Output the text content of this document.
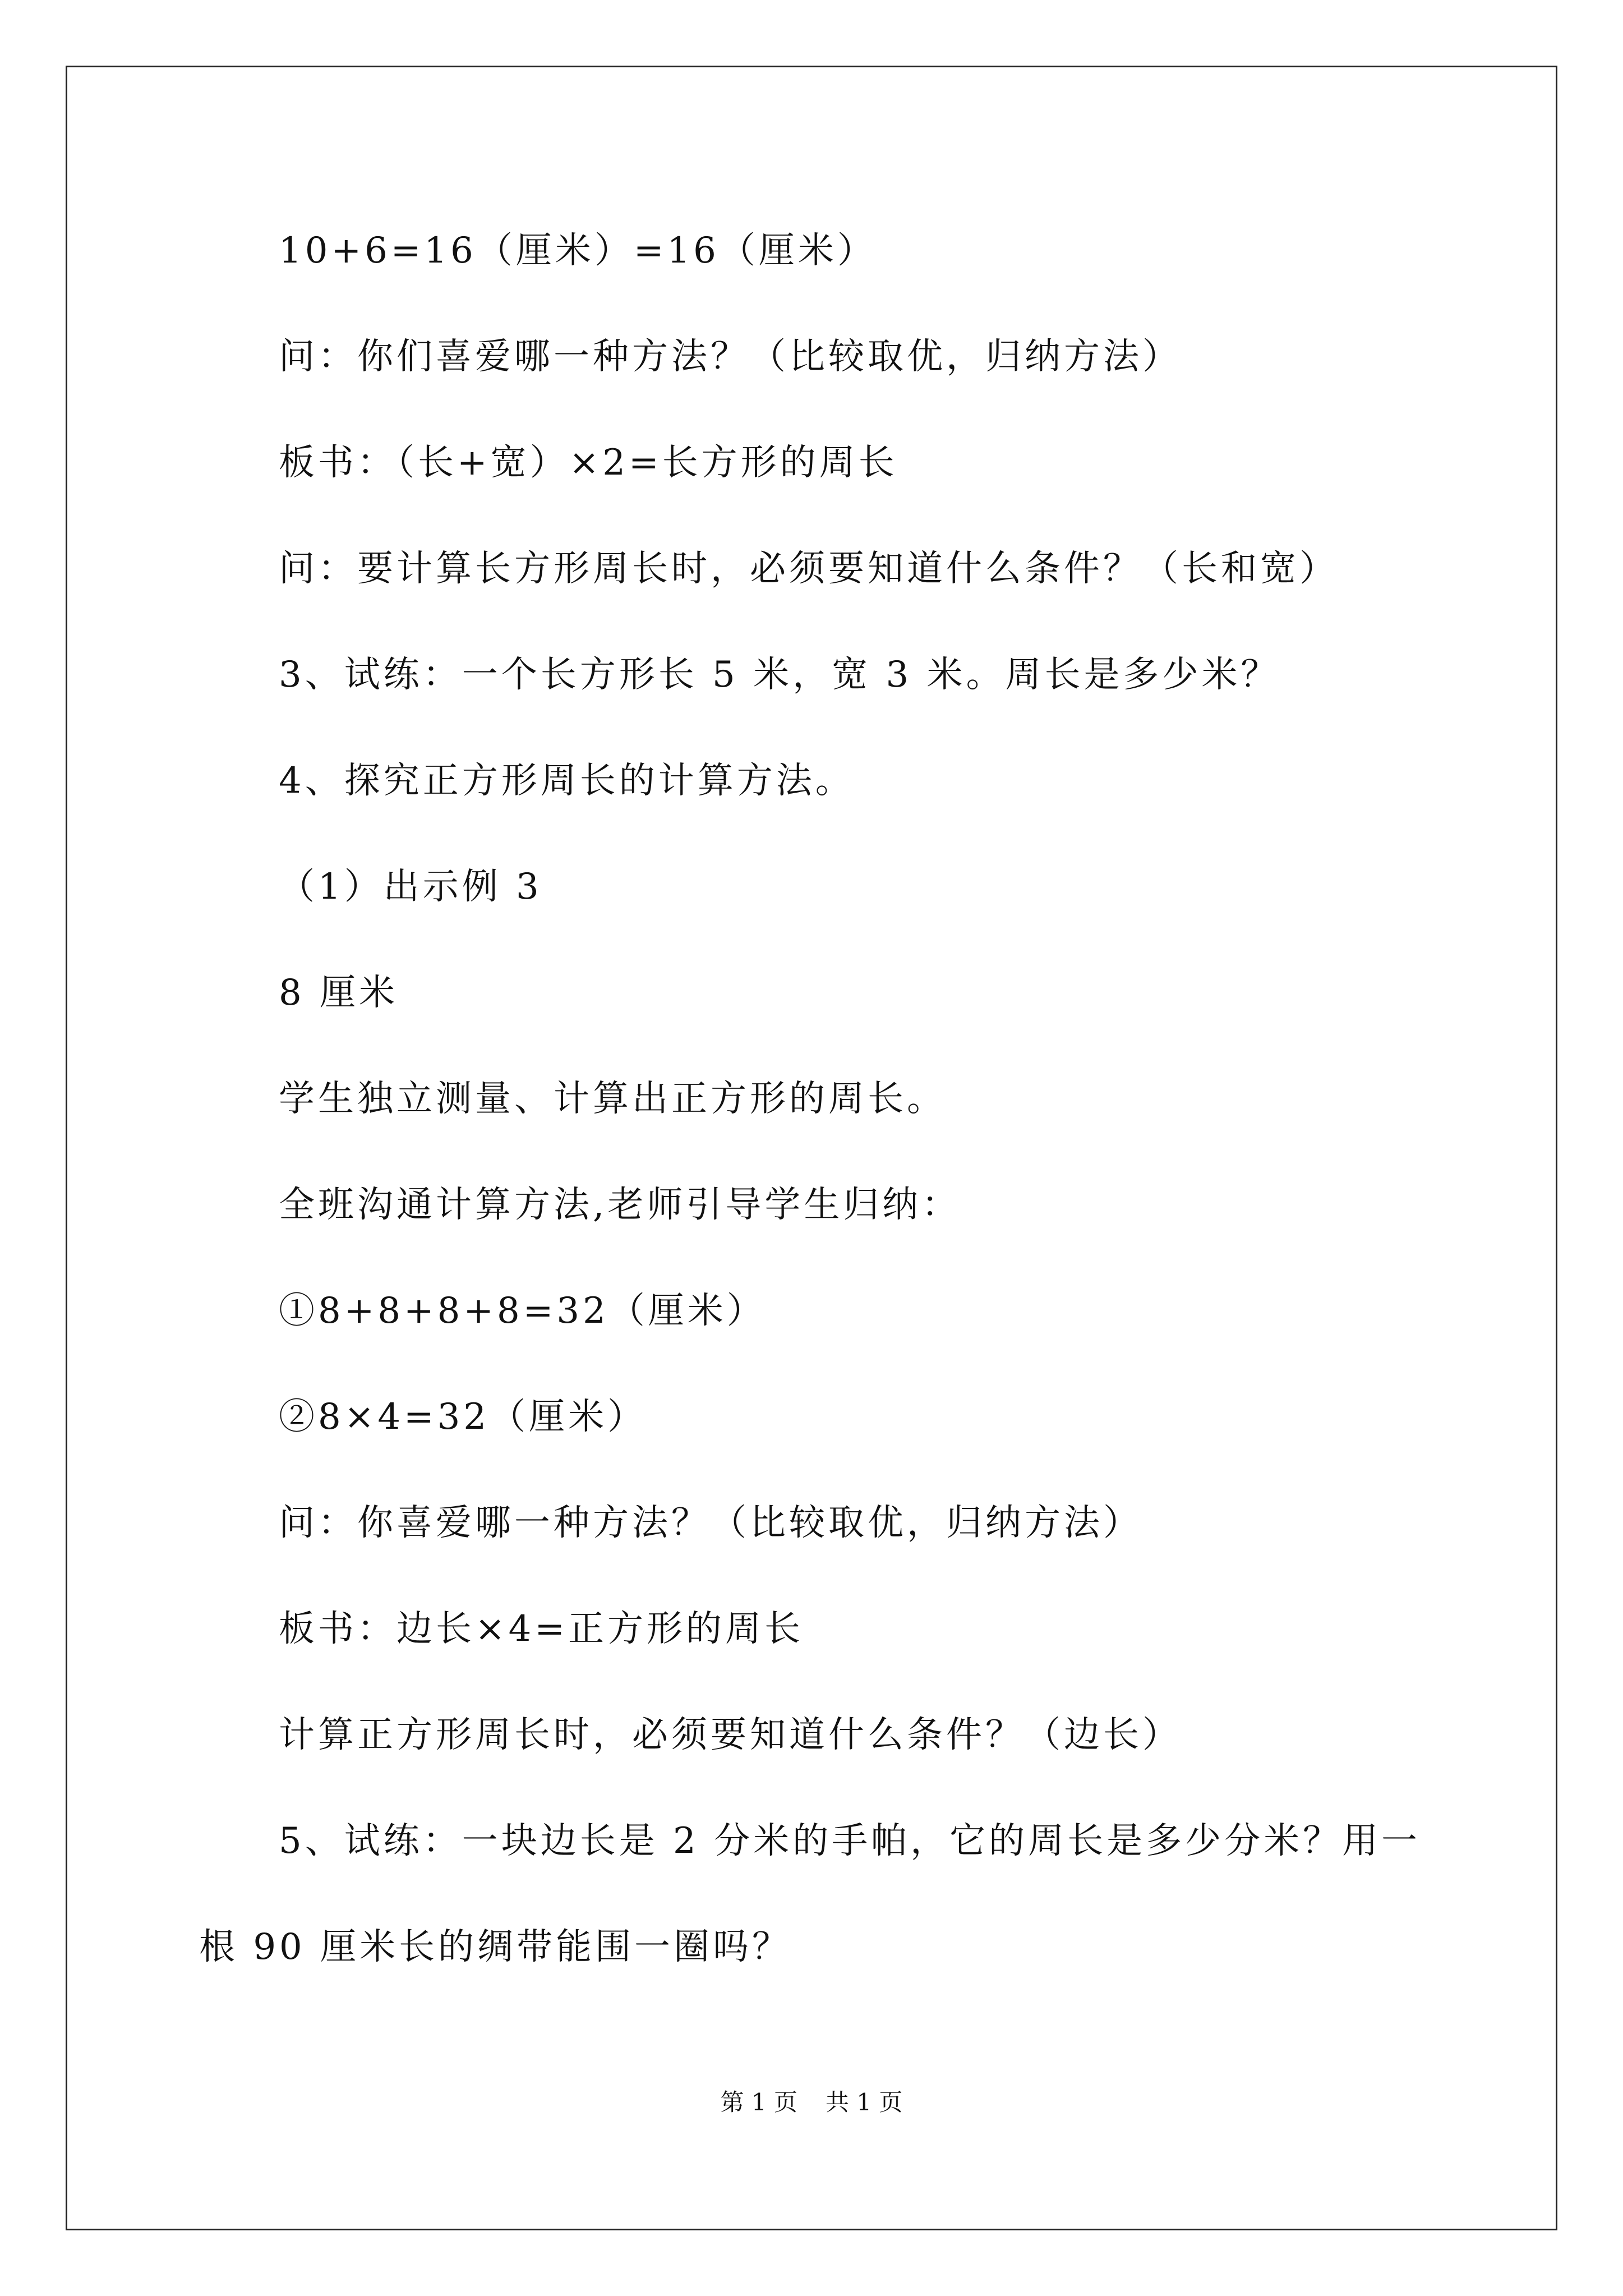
10+6=16（厘米）=16（厘米）
问：你们喜爱哪一种方法？（比较取优，归纳方法）
板书：（长+宽）×2=长方形的周长
问：要计算长方形周长时，必须要知道什么条件？（长和宽）
3、试练：一个长方形长 5 米，宽 3 米。周长是多少米？
4、探究正方形周长的计算方法。
（1）出示例 3
8 厘米
学生独立测量、计算出正方形的周长。
全班沟通计算方法,老师引导学生归纳：
①8+8+8+8=32（厘米）
②8×4=32（厘米）
问：你喜爱哪一种方法？（比较取优，归纳方法）
板书：边长×4=正方形的周长
计算正方形周长时，必须要知道什么条件？（边长）
5、试练：一块边长是 2 分米的手帕，它的周长是多少分米？用一
根 90 厘米长的绸带能围一圈吗？
第 1 页 共 1 页
